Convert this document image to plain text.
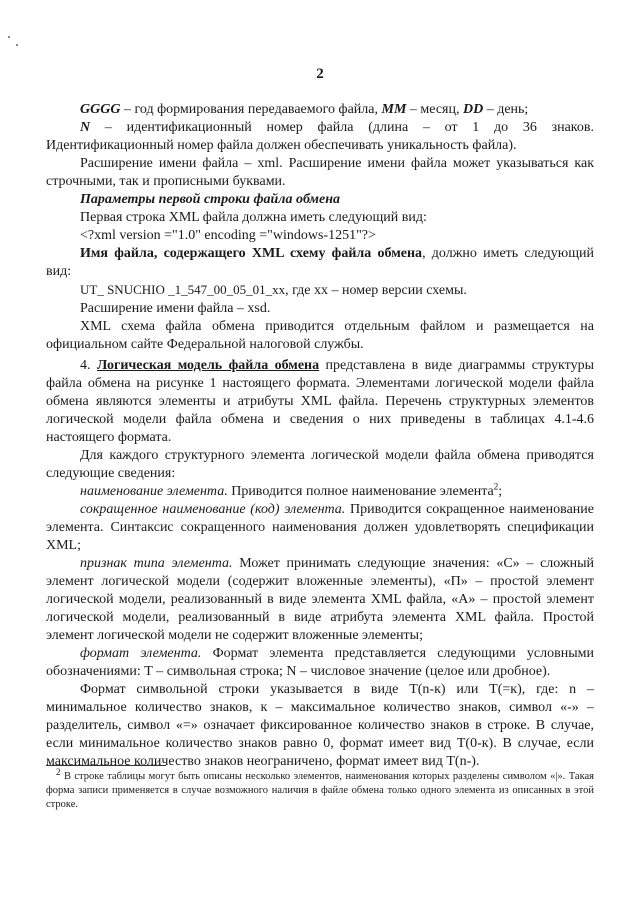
2

GGGG – год формирования передаваемого файла, MM – месяц, DD – день;

N – идентификационный номер файла (длина – от 1 до 36 знаков. Идентификационный номер файла должен обеспечивать уникальность файла).

Расширение имени файла – xml. Расширение имени файла может указываться как строчными, так и прописными буквами.

Параметры первой строки файла обмена

Первая строка XML файла должна иметь следующий вид:

<?xml version ="1.0" encoding ="windows-1251"?>

Имя файла, содержащего XML схему файла обмена, должно иметь следующий вид:

UT_ SNUCHIO _1_547_00_05_01_xx, где хх – номер версии схемы.

Расширение имени файла – xsd.

XML схема файла обмена приводится отдельным файлом и размещается на официальном сайте Федеральной налоговой службы.

4. Логическая модель файла обмена представлена в виде диаграммы структуры файла обмена на рисунке 1 настоящего формата. Элементами логической модели файла обмена являются элементы и атрибуты XML файла. Перечень структурных элементов логической модели файла обмена и сведения о них приведены в таблицах 4.1-4.6 настоящего формата.

Для каждого структурного элемента логической модели файла обмена приводятся следующие сведения:

наименование элемента. Приводится полное наименование элемента$^2$;

сокращенное наименование (код) элемента. Приводится сокращенное наименование элемента. Синтаксис сокращенного наименования должен удовлетворять спецификации XML;

признак типа элемента. Может принимать следующие значения: «С» – сложный элемент логической модели (содержит вложенные элементы), «П» – простой элемент логической модели, реализованный в виде элемента XML файла, «А» – простой элемент логической модели, реализованный в виде атрибута элемента XML файла. Простой элемент логической модели не содержит вложенные элементы;

формат элемента. Формат элемента представляется следующими условными обозначениями: Т – символьная строка; N – числовое значение (целое или дробное).

Формат символьной строки указывается в виде Т(n-к) или Т(=к), где: n – минимальное количество знаков, к – максимальное количество знаков, символ «-» – разделитель, символ «=» означает фиксированное количество знаков в строке. В случае, если минимальное количество знаков равно 0, формат имеет вид Т(0-к). В случае, если максимальное количество знаков неограничено, формат имеет вид Т(n-).

$^2$ В строке таблицы могут быть описаны несколько элементов, наименования которых разделены символом «|». Такая форма записи применяется в случае возможного наличия в файле обмена только одного элемента из описанных в этой строке.
